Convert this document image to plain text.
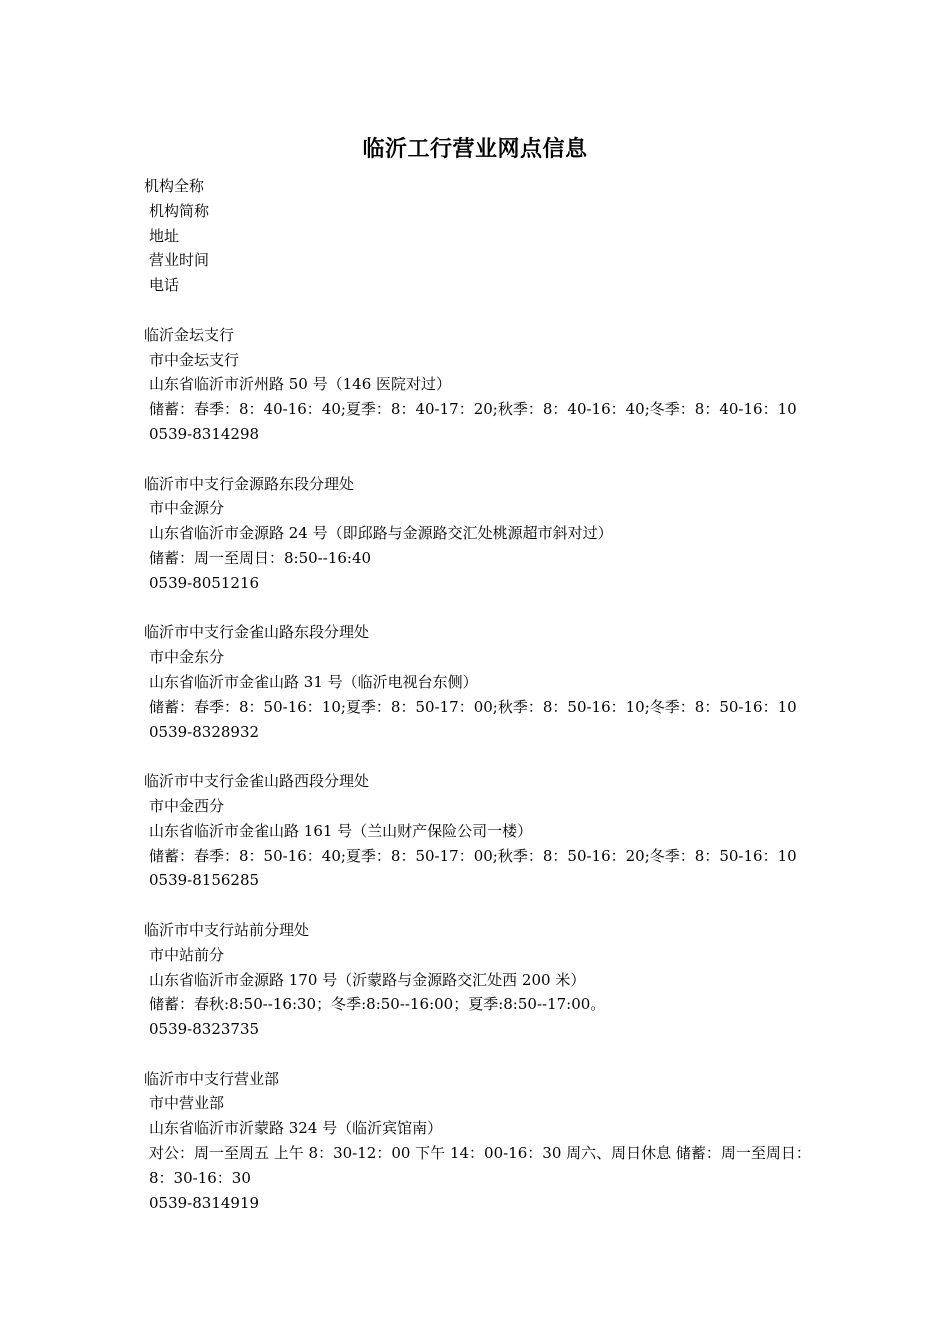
临沂工行营业网点信息
机构全称
机构简称
地址
营业时间
电话
临沂金坛支行
市中金坛支行
山东省临沂市沂州路 50 号（146 医院对过）
储蓄：春季：8：40-16：40;夏季：8：40-17：20;秋季：8：40-16：40;冬季：8：40-16：10
0539-8314298
临沂市中支行金源路东段分理处
市中金源分
山东省临沂市金源路 24 号（即邱路与金源路交汇处桃源超市斜对过）
储蓄：周一至周日：8:50--16:40
0539-8051216
临沂市中支行金雀山路东段分理处
市中金东分
山东省临沂市金雀山路 31 号（临沂电视台东侧）
储蓄：春季：8：50-16：10;夏季：8：50-17：00;秋季：8：50-16：10;冬季：8：50-16：10
0539-8328932
临沂市中支行金雀山路西段分理处
市中金西分
山东省临沂市金雀山路 161 号（兰山财产保险公司一楼）
储蓄：春季：8：50-16：40;夏季：8：50-17：00;秋季：8：50-16：20;冬季：8：50-16：10
0539-8156285
临沂市中支行站前分理处
市中站前分
山东省临沂市金源路 170 号（沂蒙路与金源路交汇处西 200 米）
储蓄：春秋:8:50--16:30；冬季:8:50--16:00；夏季:8:50--17:00。
0539-8323735
临沂市中支行营业部
市中营业部
山东省临沂市沂蒙路 324 号（临沂宾馆南）
对公：周一至周五 上午 8：30-12：00 下午 14：00-16：30 周六、周日休息 储蓄：周一至周日：8：30-16：30
0539-8314919
